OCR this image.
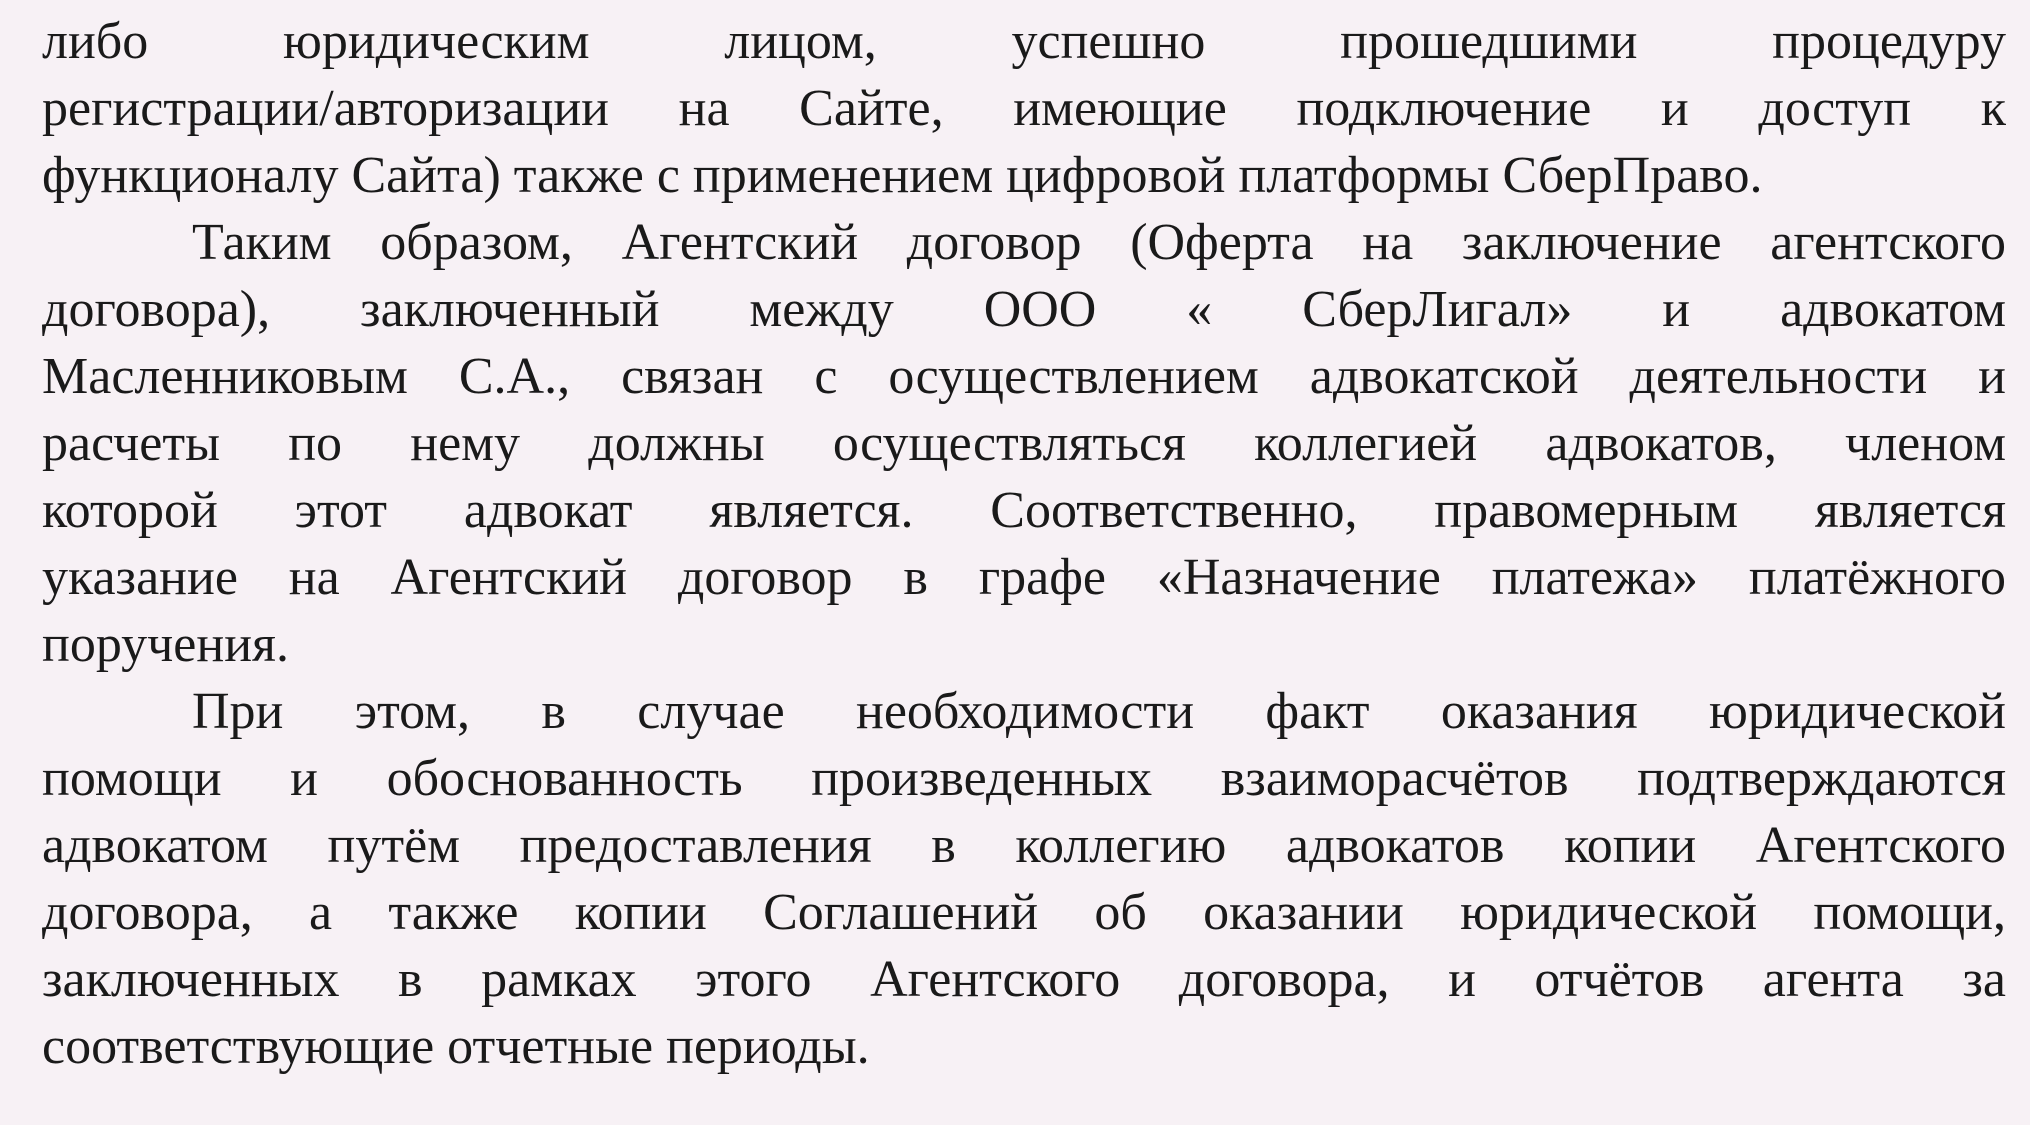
либо юридическим лицом, успешно прошедшими процедуру
регистрации/авторизации на Сайте, имеющие подключение и доступ к
функционалу Сайта) также с применением цифровой платформы СберПраво.
Таким образом, Агентский договор (Оферта на заключение агентского
договора), заключенный между ООО « СберЛигал» и адвокатом
Масленниковым С.А., связан с осуществлением адвокатской деятельности и
расчеты по нему должны осуществляться коллегией адвокатов, членом
которой этот адвокат является. Соответственно, правомерным является
указание на Агентский договор в графе «Назначение платежа» платёжного
поручения.
При этом, в случае необходимости факт оказания юридической
помощи и обоснованность произведенных взаиморасчётов подтверждаются
адвокатом путём предоставления в коллегию адвокатов копии Агентского
договора, а также копии Соглашений об оказании юридической помощи,
заключенных в рамках этого Агентского договора, и отчётов агента за
соответствующие отчетные периоды.
